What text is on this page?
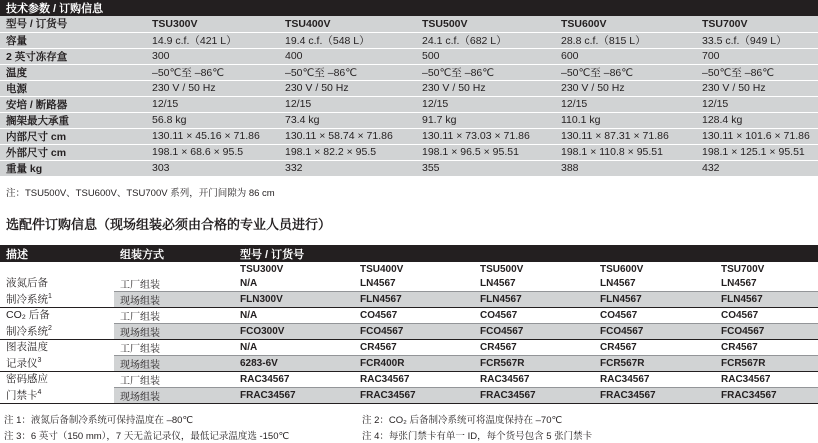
技术参数 / 订购信息					
型号 / 订货号	TSU300V	TSU400V	TSU500V	TSU600V	TSU700V
容量	14.9 c.f.（421 L）	19.4 c.f.（548 L）	24.1 c.f.（682 L）	28.8 c.f.（815 L）	33.5 c.f.（949 L）
2 英寸冻存盒	300	400	500	600	700
温度	–50℃至 –86℃	–50℃至 –86℃	–50℃至 –86℃	–50℃至 –86℃	–50℃至 –86℃
电源	230 V / 50 Hz	230 V / 50 Hz	230 V / 50 Hz	230 V / 50 Hz	230 V / 50 Hz
安培 / 断路器	12/15	12/15	12/15	12/15	12/15
搁架最大承重	56.8 kg	73.4 kg	91.7 kg	110.1 kg	128.4 kg
内部尺寸 cm	130.11 × 45.16 × 71.86	130.11 × 58.74 × 71.86	130.11 × 73.03 × 71.86	130.11 × 87.31 × 71.86	130.11 × 101.6 × 71.86
外部尺寸 cm	198.1 × 68.6 × 95.5	198.1 × 82.2 × 95.5	198.1 × 96.5 × 95.51	198.1 × 110.8 × 95.51	198.1 × 125.1 × 95.51
重量 kg	303	332	355	388	432
注：TSU500V、TSU600V、TSU700V 系列，开门间隙为 86 cm
选配件订购信息（现场组装必须由合格的专业人员进行）
描述	组装方式	型号 / 订货号				
		TSU300V	TSU400V	TSU500V	TSU600V	TSU700V
液氮后备
制冷系统$^1$	工厂组装	N/A	LN4567	LN4567	LN4567	LN4567
	现场组装	FLN300V	FLN4567	FLN4567	FLN4567	FLN4567
CO₂ 后备
制冷系统$^2$	工厂组装	N/A	CO4567	CO4567	CO4567	CO4567
	现场组装	FCO300V	FCO4567	FCO4567	FCO4567	FCO4567
图表温度
记录仪$^3$	工厂组装	N/A	CR4567	CR4567	CR4567	CR4567
	现场组装	6283-6V	FCR400R	FCR567R	FCR567R	FCR567R
密码感应
门禁卡$^4$	工厂组装	RAC34567	RAC34567	RAC34567	RAC34567	RAC34567
	现场组装	FRAC34567	FRAC34567	FRAC34567	FRAC34567	FRAC34567
注 1：液氮后备制冷系统可保持温度在 –80℃	注 2：CO₂ 后备制冷系统可将温度保持在 –70℃
注 3：6 英寸（150 mm），7 天无盖记录仪，最低记录温度选 -150℃	注 4：每张门禁卡有单一 ID，每个货号包含 5 张门禁卡
